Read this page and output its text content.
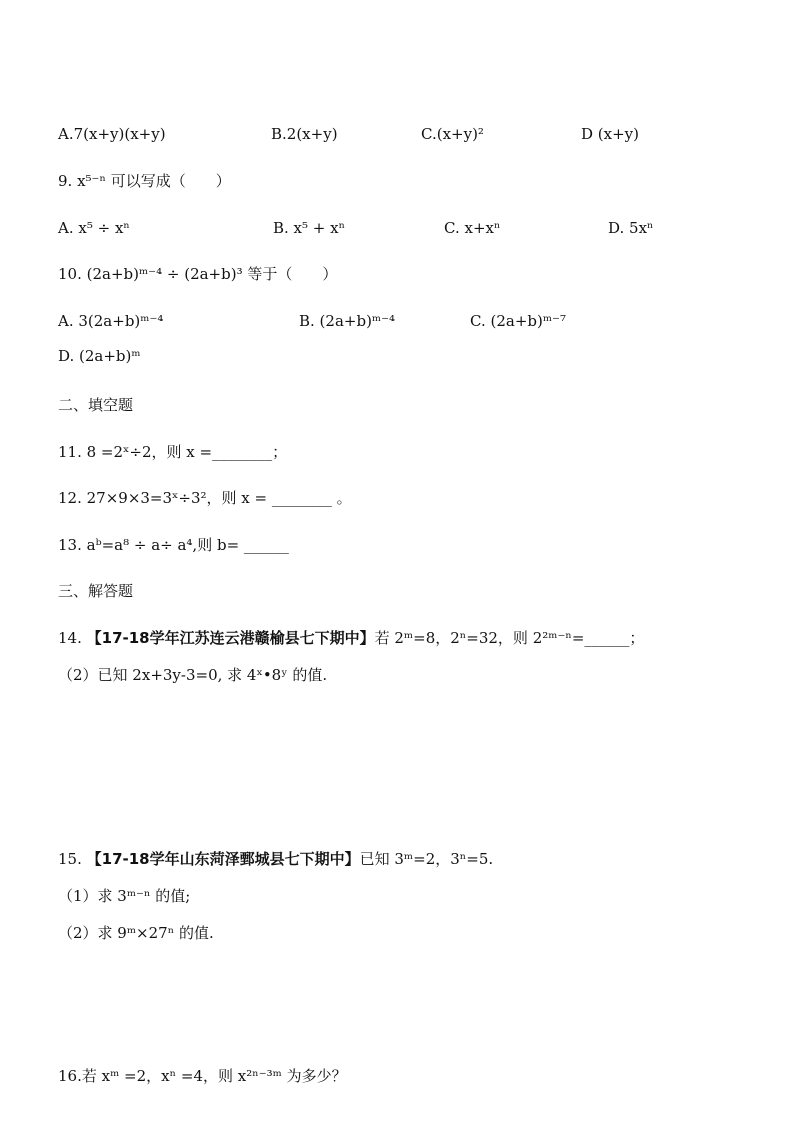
A.7(x+y)(x+y)	B.2(x+y)	C.(x+y)²	D (x+y)
9. x⁵⁻ⁿ 可以写成（　　）
A. x⁵ ÷ xⁿ	B. x⁵ + xⁿ	C. x+xⁿ	D. 5xⁿ
10. (2a+b)ᵐ⁻⁴ ÷ (2a+b)³ 等于（　　）
A. 3(2a+b)ᵐ⁻⁴	B. (2a+b)ᵐ⁻⁴	C. (2a+b)ᵐ⁻⁷
D. (2a+b)ᵐ
二、填空题
11. 8 =2ˣ÷2，则 x =________；
12. 27×9×3=3ˣ÷3²，则 x = ________ 。
13. aᵇ=a⁸ ÷ a÷ a⁴,则 b= ______
三、解答题
14. 【17-18学年江苏连云港赣榆县七下期中】若 2ᵐ=8，2ⁿ=32，则 2²ᵐ⁻ⁿ=______；
（2）已知 2x+3y-3=0, 求 4ˣ•8ʸ 的值.
15. 【17-18学年山东菏泽鄄城县七下期中】已知 3ᵐ=2，3ⁿ=5.
（1）求 3ᵐ⁻ⁿ 的值;
（2）求 9ᵐ×27ⁿ 的值.
16.若 xᵐ =2，xⁿ =4，则 x²ⁿ⁻³ᵐ 为多少？
